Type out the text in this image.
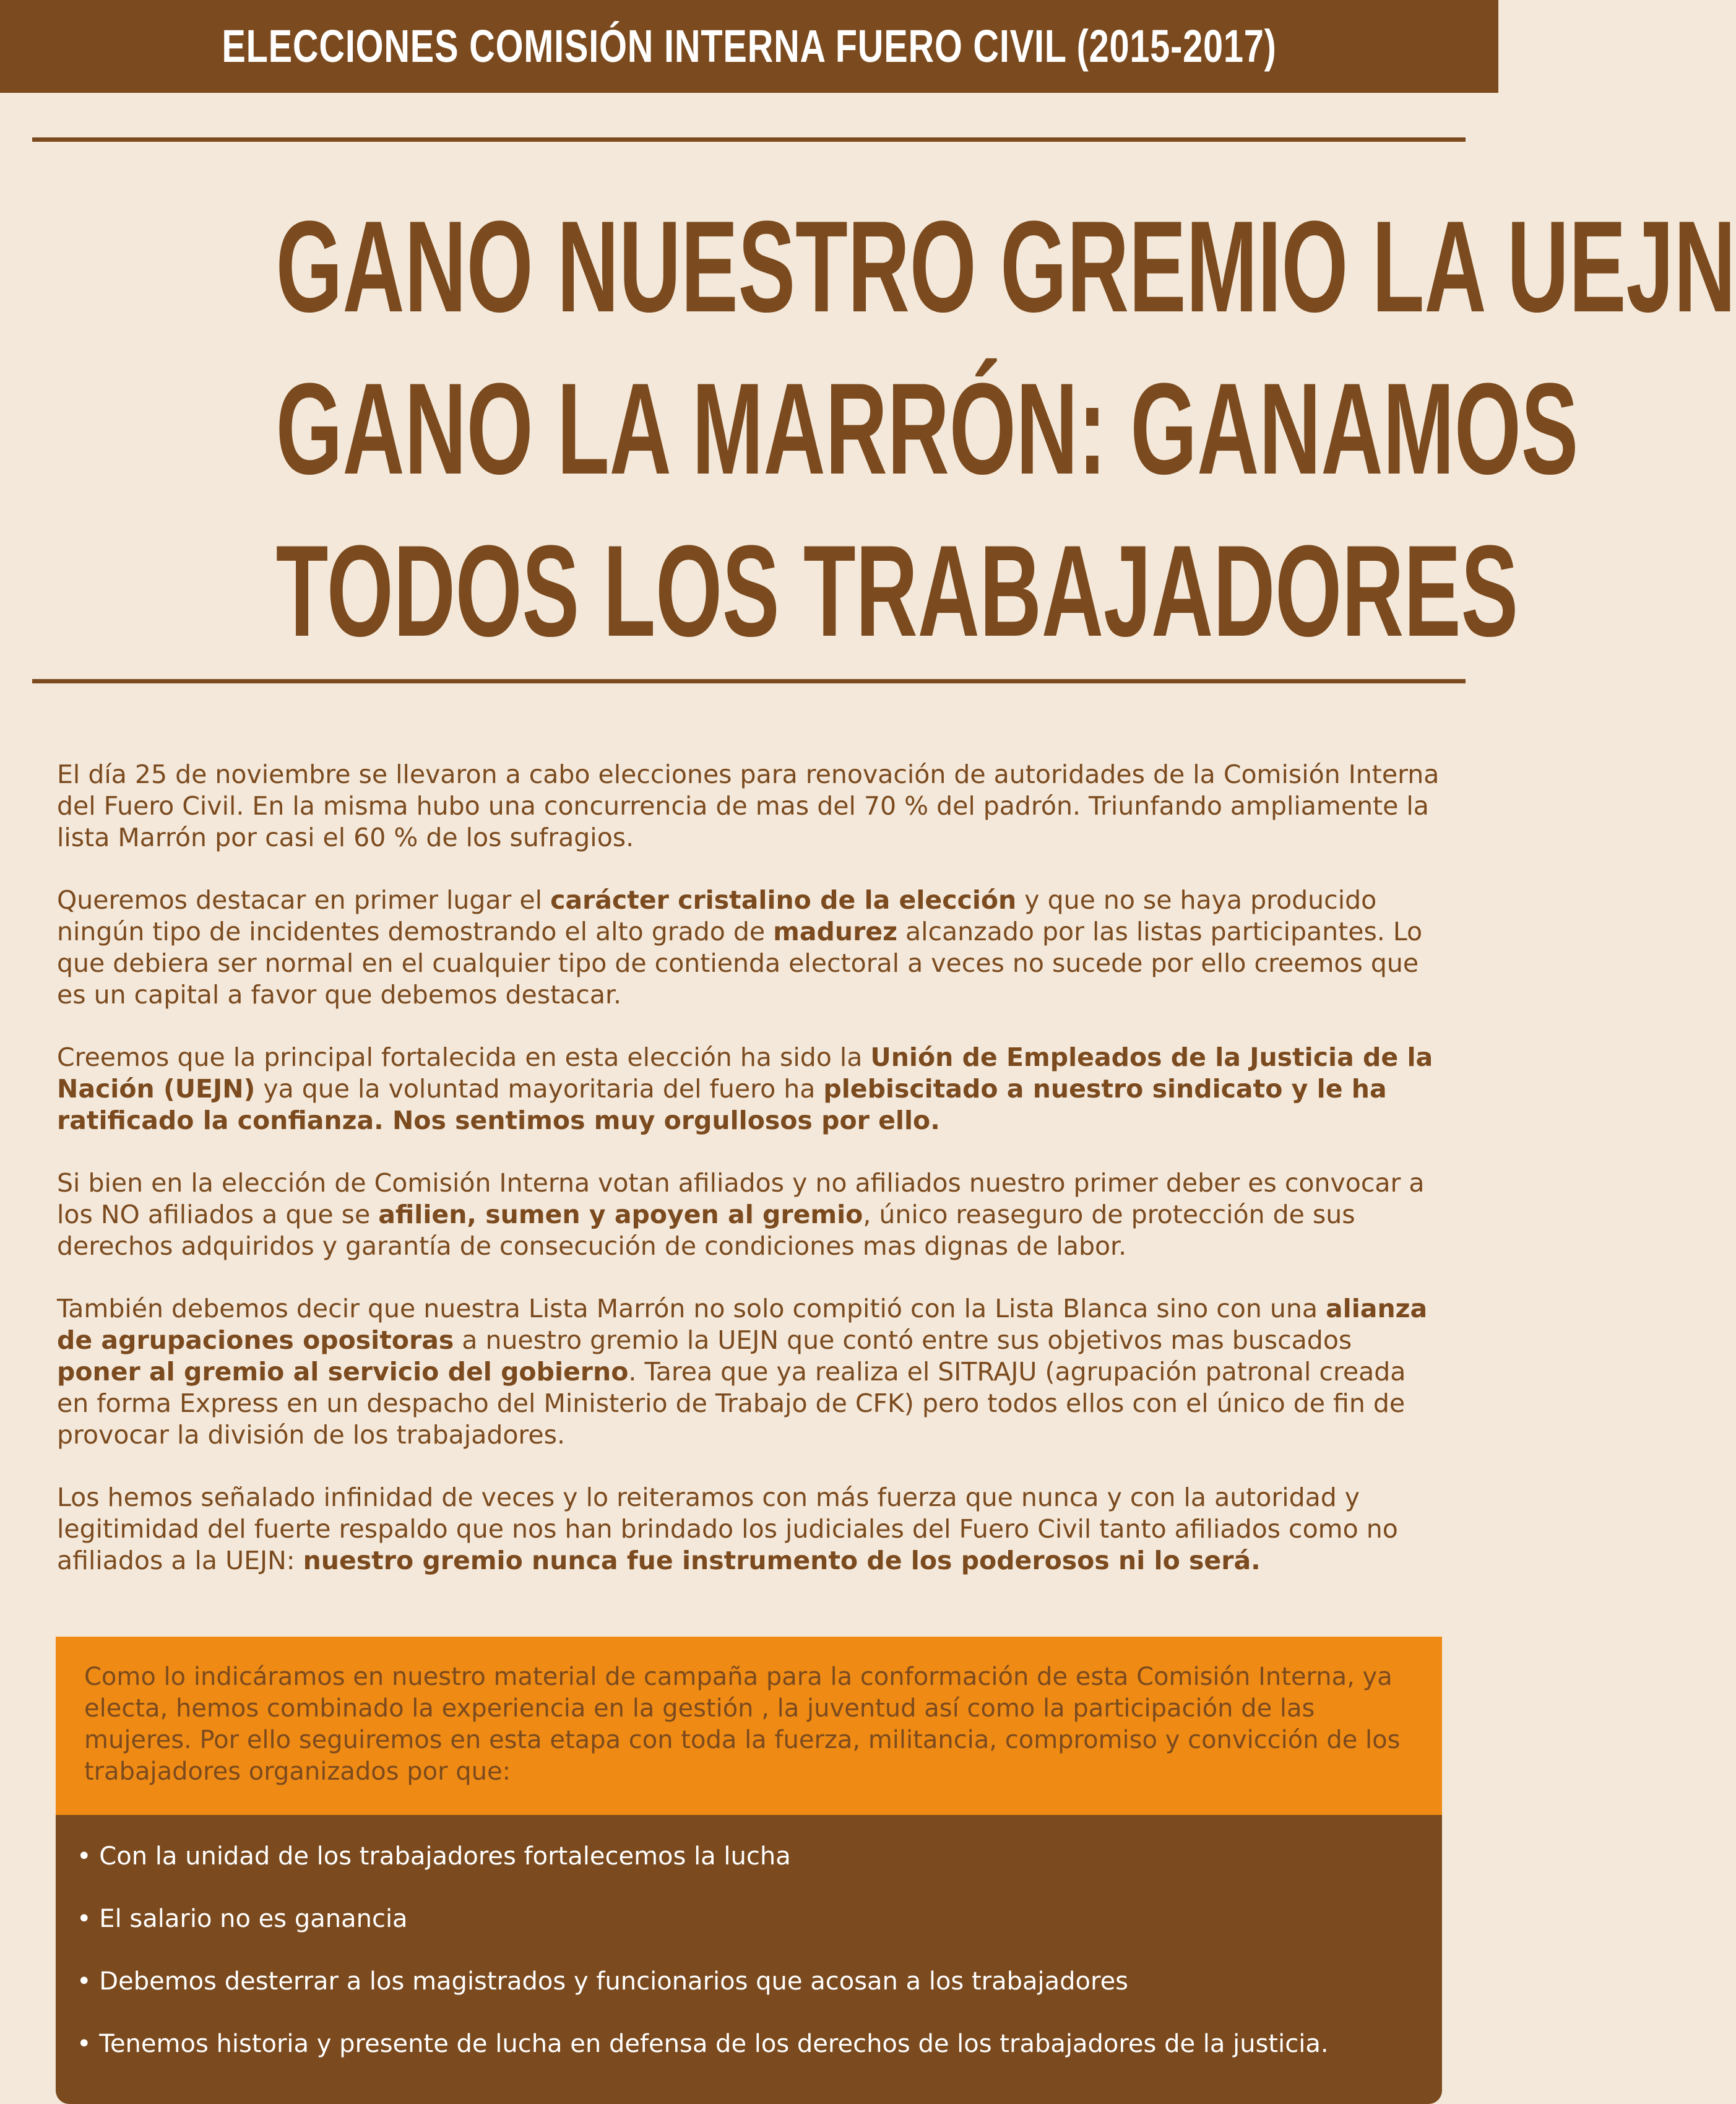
ELECCIONES COMISIÓN INTERNA FUERO CIVIL (2015-2017)
GANO NUESTRO GREMIO LA UEJN
GANO LA MARRÓN: GANAMOS
TODOS LOS TRABAJADORES

El día 25 de noviembre se llevaron a cabo elecciones para renovación de autoridades de la Comisión Interna del Fuero Civil. En la misma hubo una concurrencia de mas del 70 % del padrón. Triunfando ampliamente la lista Marrón por casi el 60 % de los sufragios.

Queremos destacar en primer lugar el carácter cristalino de la elección y que no se haya producido ningún tipo de incidentes demostrando el alto grado de madurez alcanzado por las listas participantes. Lo que debiera ser normal en el cualquier tipo de contienda electoral a veces no sucede por ello creemos que es un capital a favor que debemos destacar.

Creemos que la principal fortalecida en esta elección ha sido la Unión de Empleados de la Justicia de la Nación (UEJN) ya que la voluntad mayoritaria del fuero ha plebiscitado a nuestro sindicato y le ha ratificado la confianza. Nos sentimos muy orgullosos por ello.

Si bien en la elección de Comisión Interna votan afiliados y no afiliados nuestro primer deber es convocar a los NO afiliados a que se afilien, sumen y apoyen al gremio, único reaseguro de protección de sus derechos adquiridos y garantía de consecución de condiciones mas dignas de labor.

También debemos decir que nuestra Lista Marrón no solo compitió con la Lista Blanca sino con una alianza de agrupaciones opositoras a nuestro gremio la UEJN que contó entre sus objetivos mas buscados poner al gremio al servicio del gobierno. Tarea que ya realiza el SITRAJU (agrupación patronal creada en forma Express en un despacho del Ministerio de Trabajo de CFK) pero todos ellos con el único de fin de provocar la división de los trabajadores.

Los hemos señalado infinidad de veces y lo reiteramos con más fuerza que nunca y con la autoridad y legitimidad del fuerte respaldo que nos han brindado los judiciales del Fuero Civil tanto afiliados como no afiliados a la UEJN: nuestro gremio nunca fue instrumento de los poderosos ni lo será.

Como lo indicáramos en nuestro material de campaña para la conformación de esta Comisión Interna, ya electa, hemos combinado la experiencia en la gestión , la juventud así como la participación de las mujeres. Por ello seguiremos en esta etapa con toda la fuerza, militancia, compromiso y convicción de los trabajadores organizados por que:
• Con la unidad de los trabajadores fortalecemos la lucha
• El salario no es ganancia
• Debemos desterrar a los magistrados y funcionarios que acosan a los trabajadores
• Tenemos historia y presente de lucha en defensa de los derechos de los trabajadores de la justicia.
